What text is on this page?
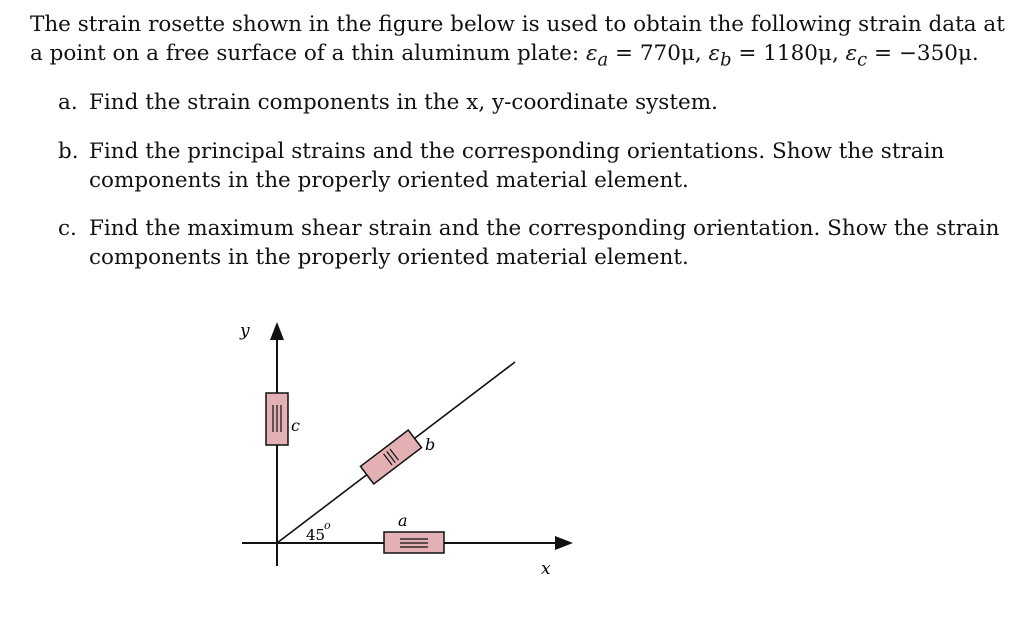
The strain rosette shown in the figure below is used to obtain the following strain data at
a point on a free surface of a thin aluminum plate: $\varepsilon_a = 770\mu$, $\varepsilon_b = 1180\mu$, $\varepsilon_c = -350\mu$.
a. Find the strain components in the x, y-coordinate system.
b. Find the principal strains and the corresponding orientations. Show the strain
components in the properly oriented material element.
c. Find the maximum shear strain and the corresponding orientation. Show the strain
components in the properly oriented material element.
y
x
c
b
a
45
o
